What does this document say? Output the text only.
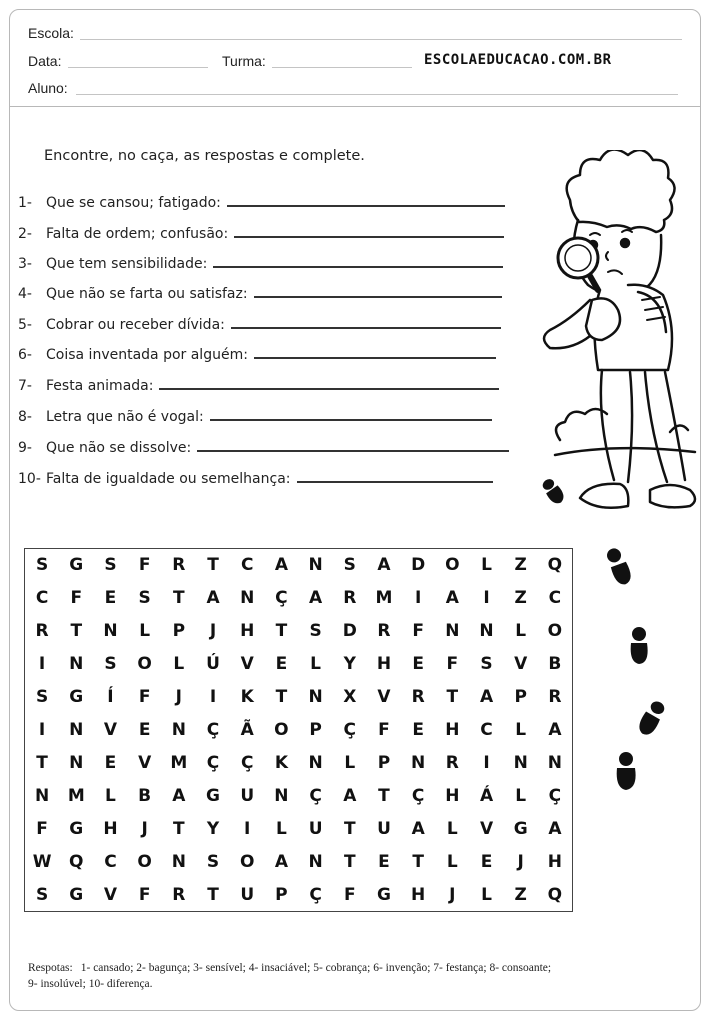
Escola:
Data:	Turma:	ESCOLAEDUCACAO.COM.BR
Aluno:
Encontre, no caça, as respostas e complete.
1-	Que se cansou; fatigado:
2-	Falta de ordem; confusão:
3-	Que tem sensibilidade:
4-	Que não se farta ou satisfaz:
5-	Cobrar ou receber dívida:
6-	Coisa inventada por alguém:
7-	Festa animada:
8-	Letra que não é vogal:
9-	Que não se dissolve:
10- Falta de igualdade ou semelhança:
S	G	S	F	R	T	C	A	N	S	A	D	O	L	Z	Q
C	F	E	S	T	A	N	Ç	A	R	M	I	A	I	Z	C
R	T	N	L	P	J	H	T	S	D	R	F	N	N	L	O
I	N	S	O	L	Ú	V	E	L	Y	H	E	F	S	V	B
S	G	Í	F	J	I	K	T	N	X	V	R	T	A	P	R
I	N	V	E	N	Ç	Ã	O	P	Ç	F	E	H	C	L	A
T	N	E	V	M	Ç	Ç	K	N	L	P	N	R	I	N	N
N	M	L	B	A	G	U	N	Ç	A	T	Ç	H	Á	L	Ç
F	G	H	J	T	Y	I	L	U	T	U	A	L	V	G	A
W	Q	C	O	N	S	O	A	N	T	E	T	L	E	J	H
S	G	V	F	R	T	U	P	Ç	F	G	H	J	L	Z	Q
Respotas: 1- cansado; 2- bagunça; 3- sensível; 4- insaciável; 5- cobrança; 6- invenção; 7- festança; 8- consoante;
9- insolúvel; 10- diferença.
